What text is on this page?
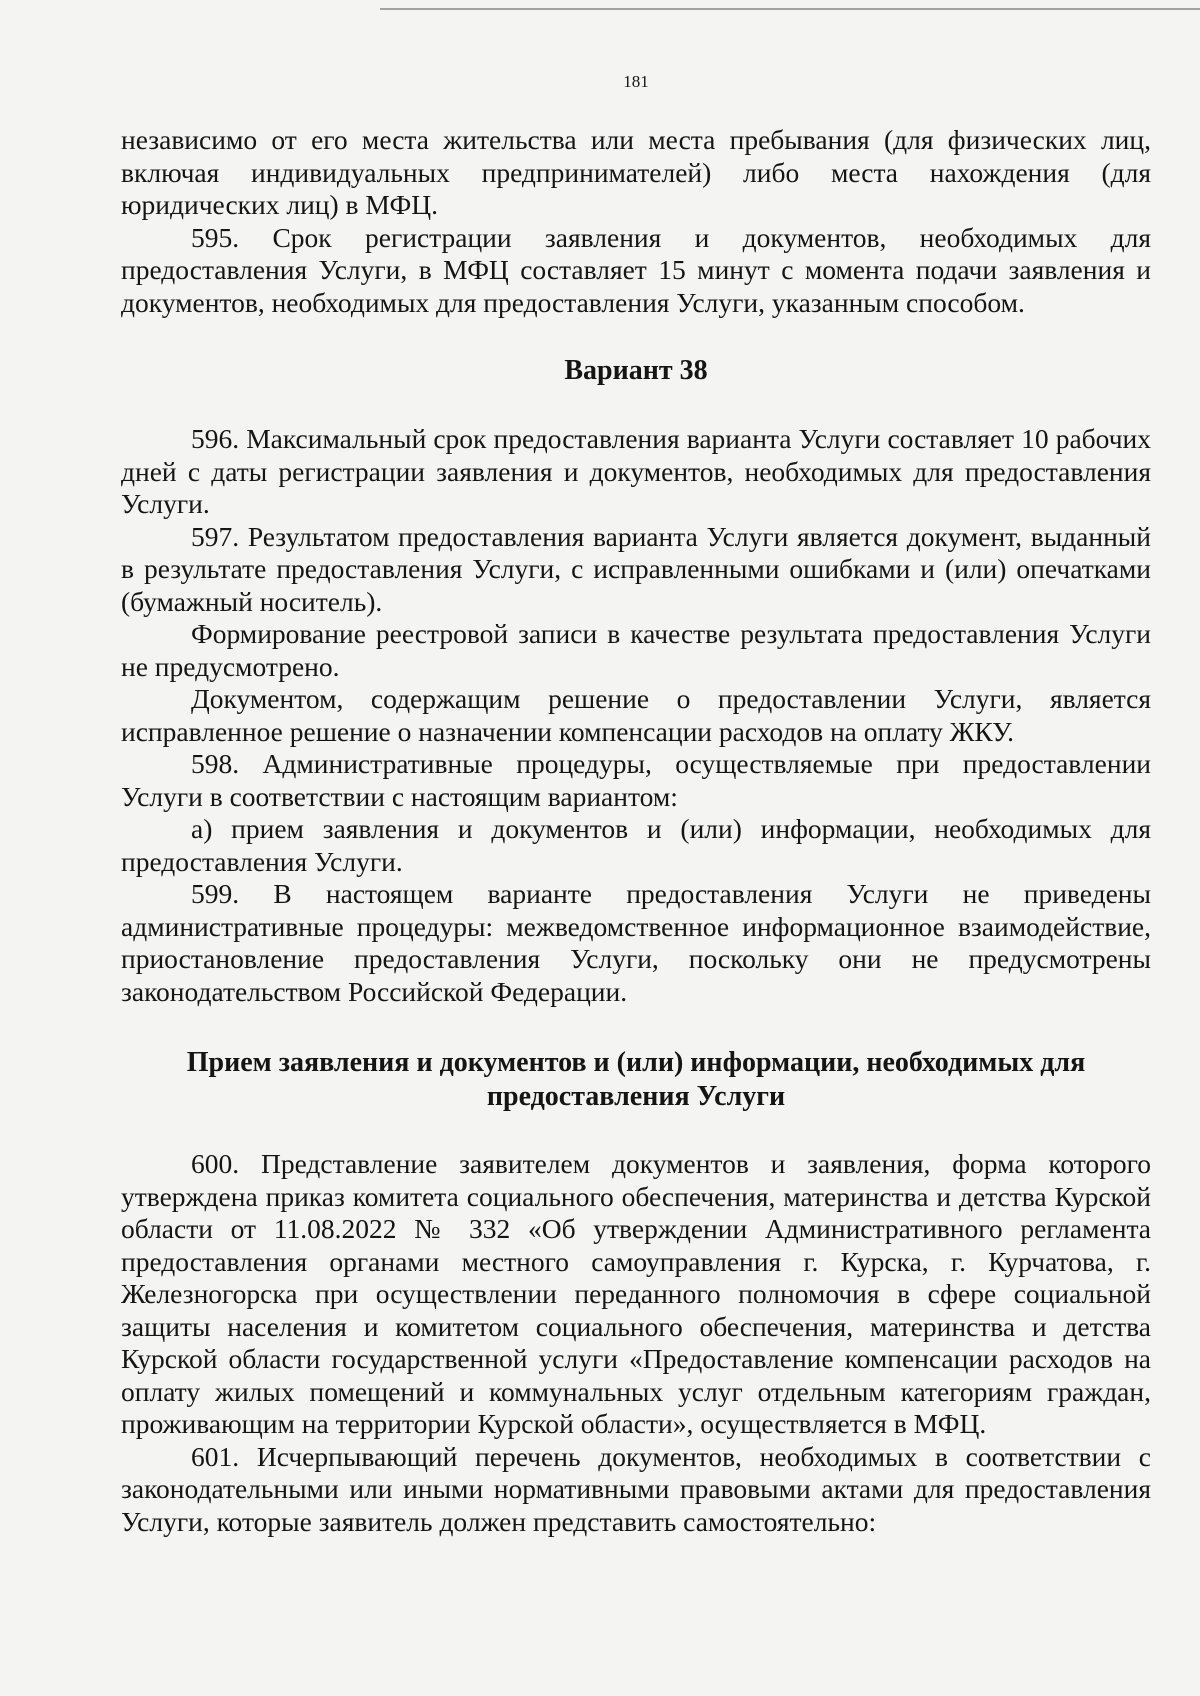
181

независимо от его места жительства или места пребывания (для физических лиц, включая индивидуальных предпринимателей) либо места нахождения (для юридических лиц) в МФЦ.

595. Срок регистрации заявления и документов, необходимых для предоставления Услуги, в МФЦ составляет 15 минут с момента подачи заявления и документов, необходимых для предоставления Услуги, указанным способом.

Вариант 38

596. Максимальный срок предоставления варианта Услуги составляет 10 рабочих дней с даты регистрации заявления и документов, необходимых для предоставления Услуги.

597. Результатом предоставления варианта Услуги является документ, выданный в результате предоставления Услуги, с исправленными ошибками и (или) опечатками (бумажный носитель).

Формирование реестровой записи в качестве результата предоставления Услуги не предусмотрено.

Документом, содержащим решение о предоставлении Услуги, является исправленное решение о назначении компенсации расходов на оплату ЖКУ.

598. Административные процедуры, осуществляемые при предоставлении Услуги в соответствии с настоящим вариантом:

а) прием заявления и документов и (или) информации, необходимых для предоставления Услуги.

599. В настоящем варианте предоставления Услуги не приведены административные процедуры: межведомственное информационное взаимодействие, приостановление предоставления Услуги, поскольку они не предусмотрены законодательством Российской Федерации.

Прием заявления и документов и (или) информации, необходимых для предоставления Услуги

600. Представление заявителем документов и заявления, форма которого утверждена приказ комитета социального обеспечения, материнства и детства Курской области от 11.08.2022 № 332 «Об утверждении Административного регламента предоставления органами местного самоуправления г. Курска, г. Курчатова, г. Железногорска при осуществлении переданного полномочия в сфере социальной защиты населения и комитетом социального обеспечения, материнства и детства Курской области государственной услуги «Предоставление компенсации расходов на оплату жилых помещений и коммунальных услуг отдельным категориям граждан, проживающим на территории Курской области», осуществляется в МФЦ.

601. Исчерпывающий перечень документов, необходимых в соответствии с законодательными или иными нормативными правовыми актами для предоставления Услуги, которые заявитель должен представить самостоятельно:
